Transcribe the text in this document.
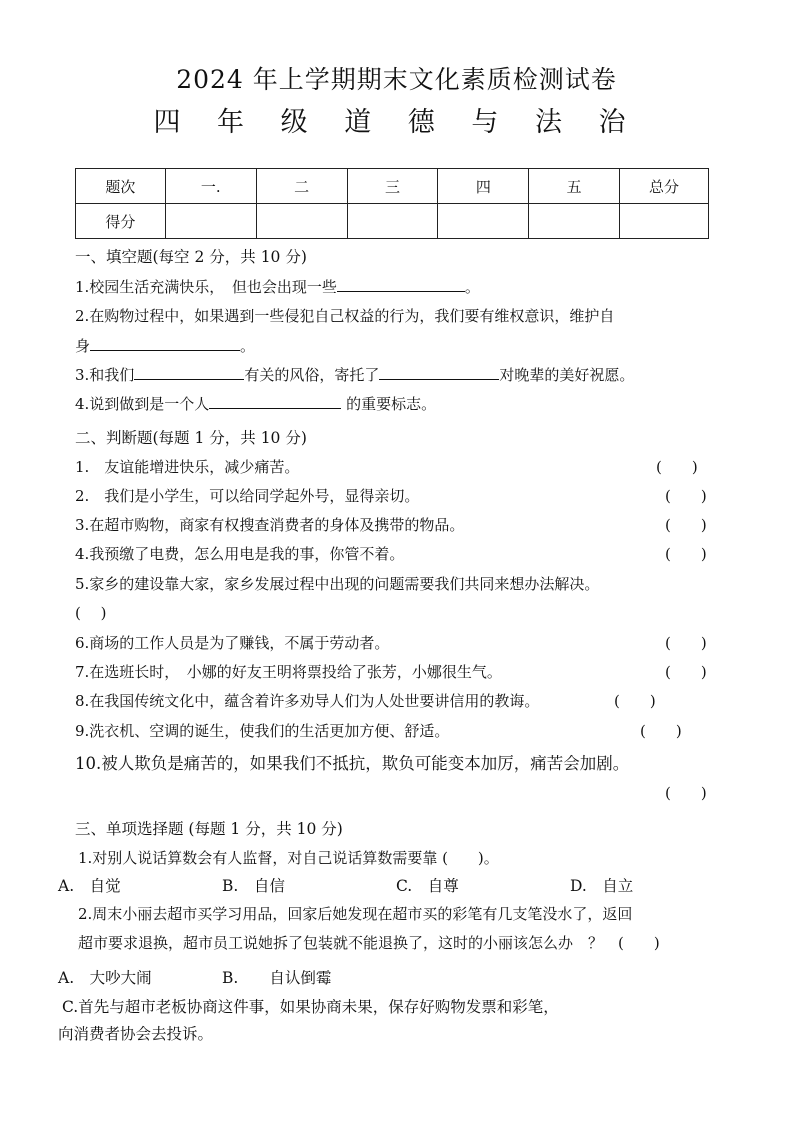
2024 年上学期期末文化素质检测试卷
四 年 级 道 德 与 法 治
题次	一.	二	三	四	五	总分
得分						
一、填空题(每空 2 分，共 10 分)
1.校园生活充满快乐，　但也会出现一些	。
2.在购物过程中，如果遇到一些侵犯自己权益的行为，我们要有维权意识，维护自
身	。
3.和我们	有关的风俗，寄托了	对晚辈的美好祝愿。
4.说到做到是一个人	的重要标志。
二、判断题(每题 1 分，共 10 分)
1.　友谊能增进快乐，减少痛苦。	(　　)
2.　我们是小学生，可以给同学起外号，显得亲切。	(　　)
3.在超市购物，商家有权搜查消费者的身体及携带的物品。	(　　)
4.我预缴了电费，怎么用电是我的事，你管不着。	(　　)
5.家乡的建设靠大家，家乡发展过程中出现的问题需要我们共同来想办法解决。
(　 )
6.商场的工作人员是为了赚钱，不属于劳动者。	(　　)
7.在选班长时，　小娜的好友王明将票投给了张芳，小娜很生气。	(　　)
8.在我国传统文化中，蕴含着许多劝导人们为人处世要讲信用的教诲。	(　　)
9.洗衣机、空调的诞生，使我们的生活更加方便、舒适。	(　　)
10.被人欺负是痛苦的，如果我们不抵抗，欺负可能变本加厉，痛苦会加剧。
(　　)
三、单项选择题 (每题 1 分，共 10 分)
1.对别人说话算数会有人监督，对自己说话算数需要靠 (　　)。
A.　自觉	B.　自信	C.　自尊	D.　自立
2.周末小丽去超市买学习用品，回家后她发现在超市买的彩笔有几支笔没水了，返回
超市要求退换，超市员工说她拆了包装就不能退换了，这时的小丽该怎么办　？　(　　)
A.　大吵大闹	B.　　自认倒霉
C.首先与超市老板协商这件事，如果协商未果，保存好购物发票和彩笔，
向消费者协会去投诉。
